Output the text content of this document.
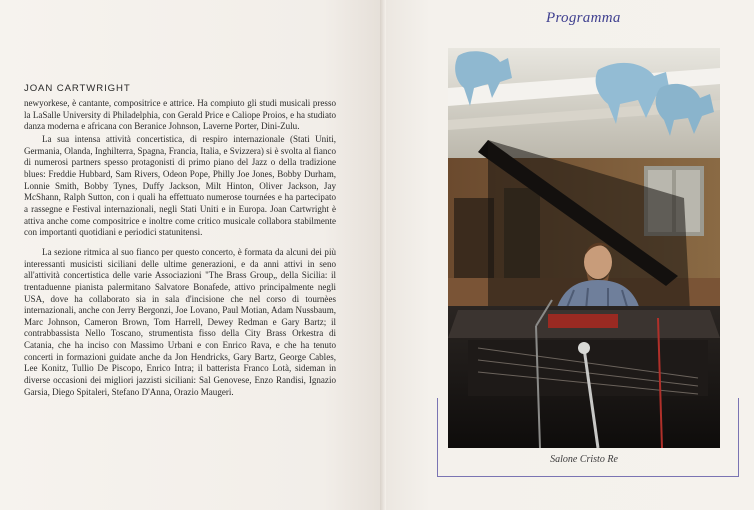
JOAN CARTWRIGHT

newyorkese, è cantante, compositrice e attrice. Ha compiuto gli studi musicali presso la LaSalle University di Philadelphia, con Gerald Price e Caliope Proios, e ha studiato danza moderna e africana con Beranice Johnson, Laverne Porter, Dini-Zulu.

La sua intensa attività concertistica, di respiro internazionale (Stati Uniti, Germania, Olanda, Inghilterra, Spagna, Francia, Italia, e Svizzera) si è svolta al fianco di numerosi partners spesso protagonisti di primo piano del Jazz o della tradizione blues: Freddie Hubbard, Sam Rivers, Odeon Pope, Philly Joe Jones, Bobby Durham, Lonnie Smith, Bobby Tynes, Duffy Jackson, Milt Hinton, Oliver Jackson, Jay McShann, Ralph Sutton, con i quali ha effettuato numerose tournées e ha partecipato a rassegne e Festival internazionali, negli Stati Uniti e in Europa. Joan Cartwright è attiva anche come compositrice e inoltre come critico musicale collabora stabilmente con importanti quotidiani e periodici statunitensi.

La sezione ritmica al suo fianco per questo concerto, è formata da alcuni dei più interessanti musicisti siciliani delle ultime generazioni, e da anni attivi in seno all'attività concertistica delle varie Associazioni "The Brass Group„ della Sicilia: il trentaduenne pianista palermitano Salvatore Bonafede, attivo principalmente negli USA, dove ha collaborato sia in sala d'incisione che nel corso di tournèes internazionali, anche con Jerry Bergonzi, Joe Lovano, Paul Motian, Adam Nussbaum, Marc Johnson, Cameron Brown, Tom Harrell, Dewey Redman e Gary Bartz; il contrabbassista Nello Toscano, strumentista fisso della City Brass Orkestra di Catania, che ha inciso con Massimo Urbani e con Enrico Rava, e che ha tenuto concerti in formazioni guidate anche da Jon Hendricks, Gary Bartz, George Cables, Lee Konitz, Tullio De Piscopo, Enrico Intra; il batterista Franco Lotà, sideman in diverse occasioni dei migliori jazzisti siciliani: Sal Genovese, Enzo Randisi, Ignazio Garsia, Diego Spitaleri, Stefano D'Anna, Orazio Maugeri.

Programma
Salone Cristo Re
